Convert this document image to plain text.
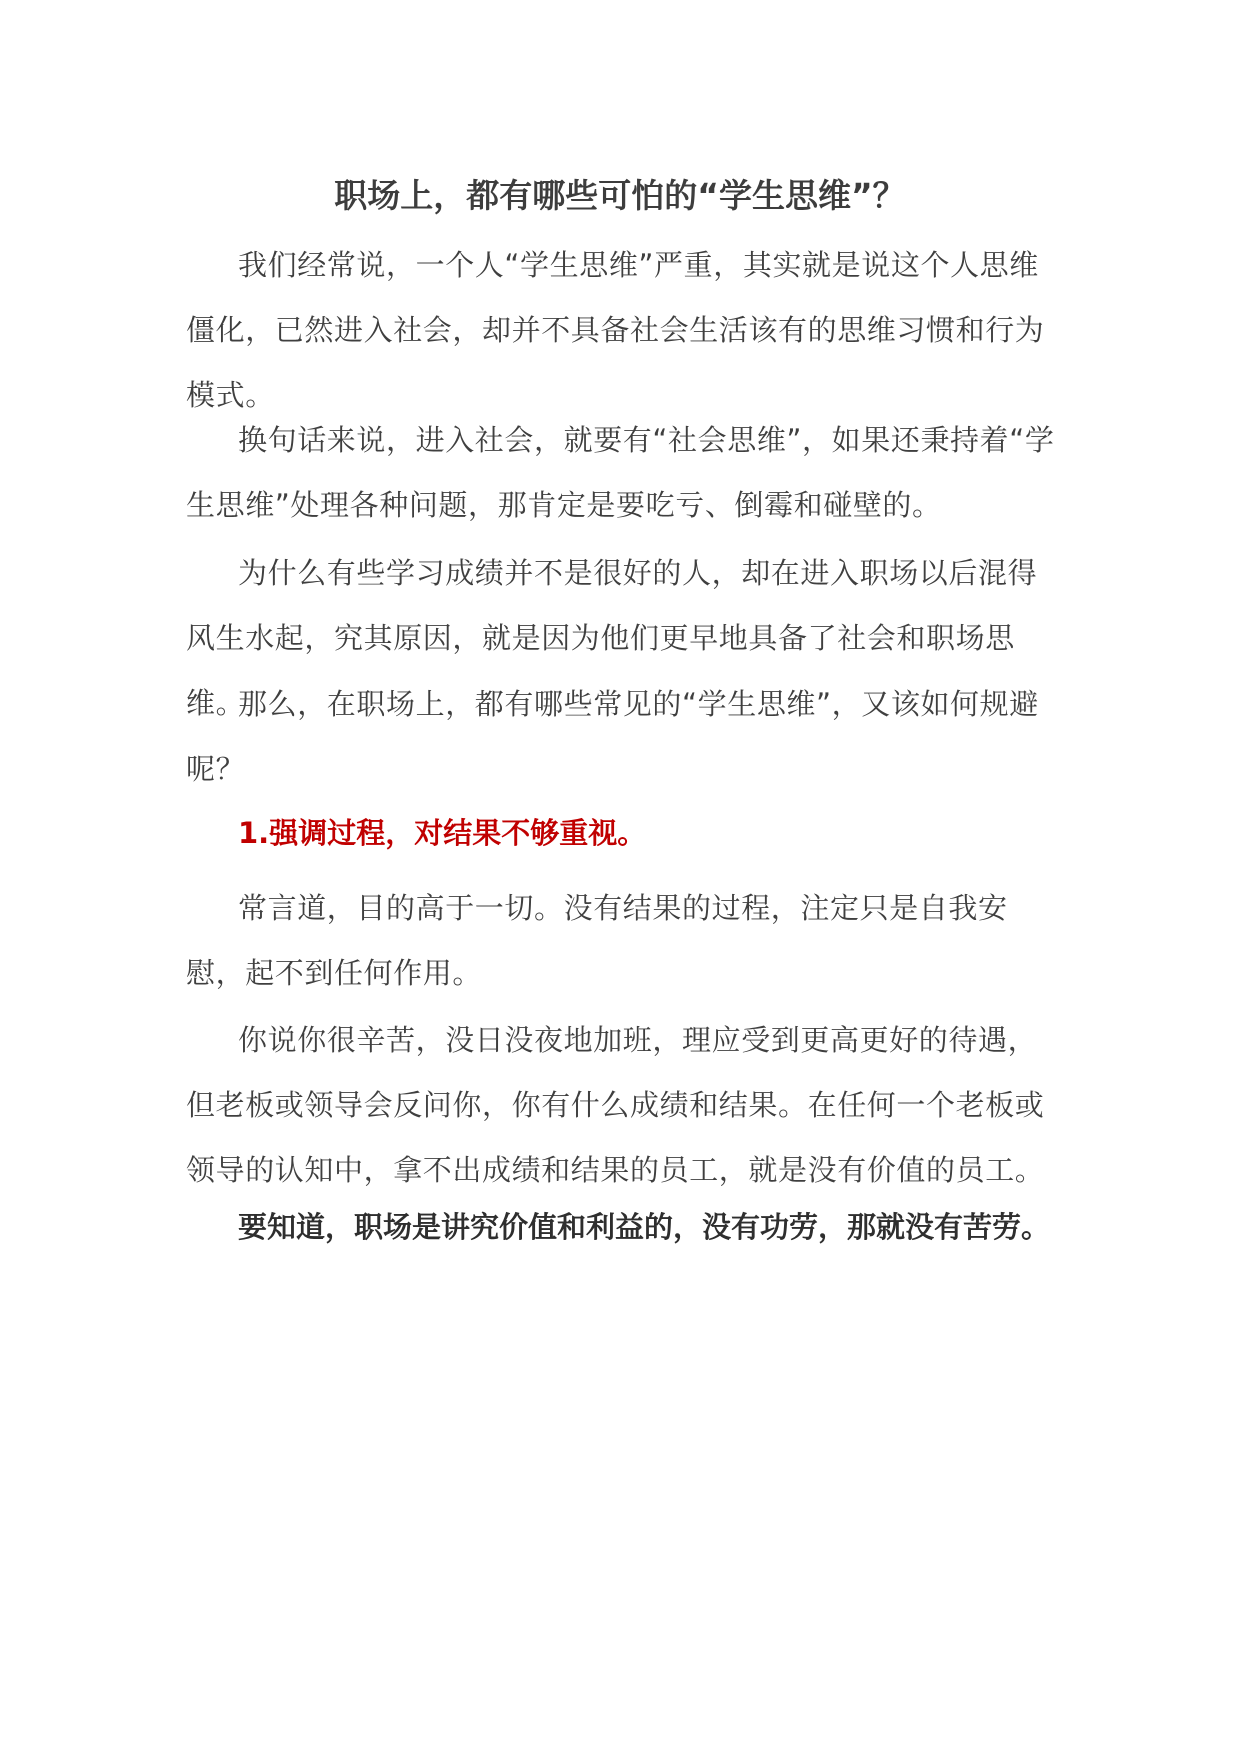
职场上，都有哪些可怕的“学生思维”？

我们经常说，一个人“学生思维”严重，其实就是说这个人思维僵化，已然进入社会，却并不具备社会生活该有的思维习惯和行为模式。

换句话来说，进入社会，就要有“社会思维”，如果还秉持着“学生思维”处理各种问题，那肯定是要吃亏、倒霉和碰壁的。

为什么有些学习成绩并不是很好的人，却在进入职场以后混得风生水起，究其原因，就是因为他们更早地具备了社会和职场思维。

那么，在职场上，都有哪些常见的“学生思维”，又该如何规避呢？

1.强调过程，对结果不够重视。

常言道，目的高于一切。没有结果的过程，注定只是自我安慰，起不到任何作用。

你说你很辛苦，没日没夜地加班，理应受到更高更好的待遇，但老板或领导会反问你，你有什么成绩和结果。在任何一个老板或领导的认知中，拿不出成绩和结果的员工，就是没有价值的员工。

要知道，职场是讲究价值和利益的，没有功劳，那就没有苦劳。
